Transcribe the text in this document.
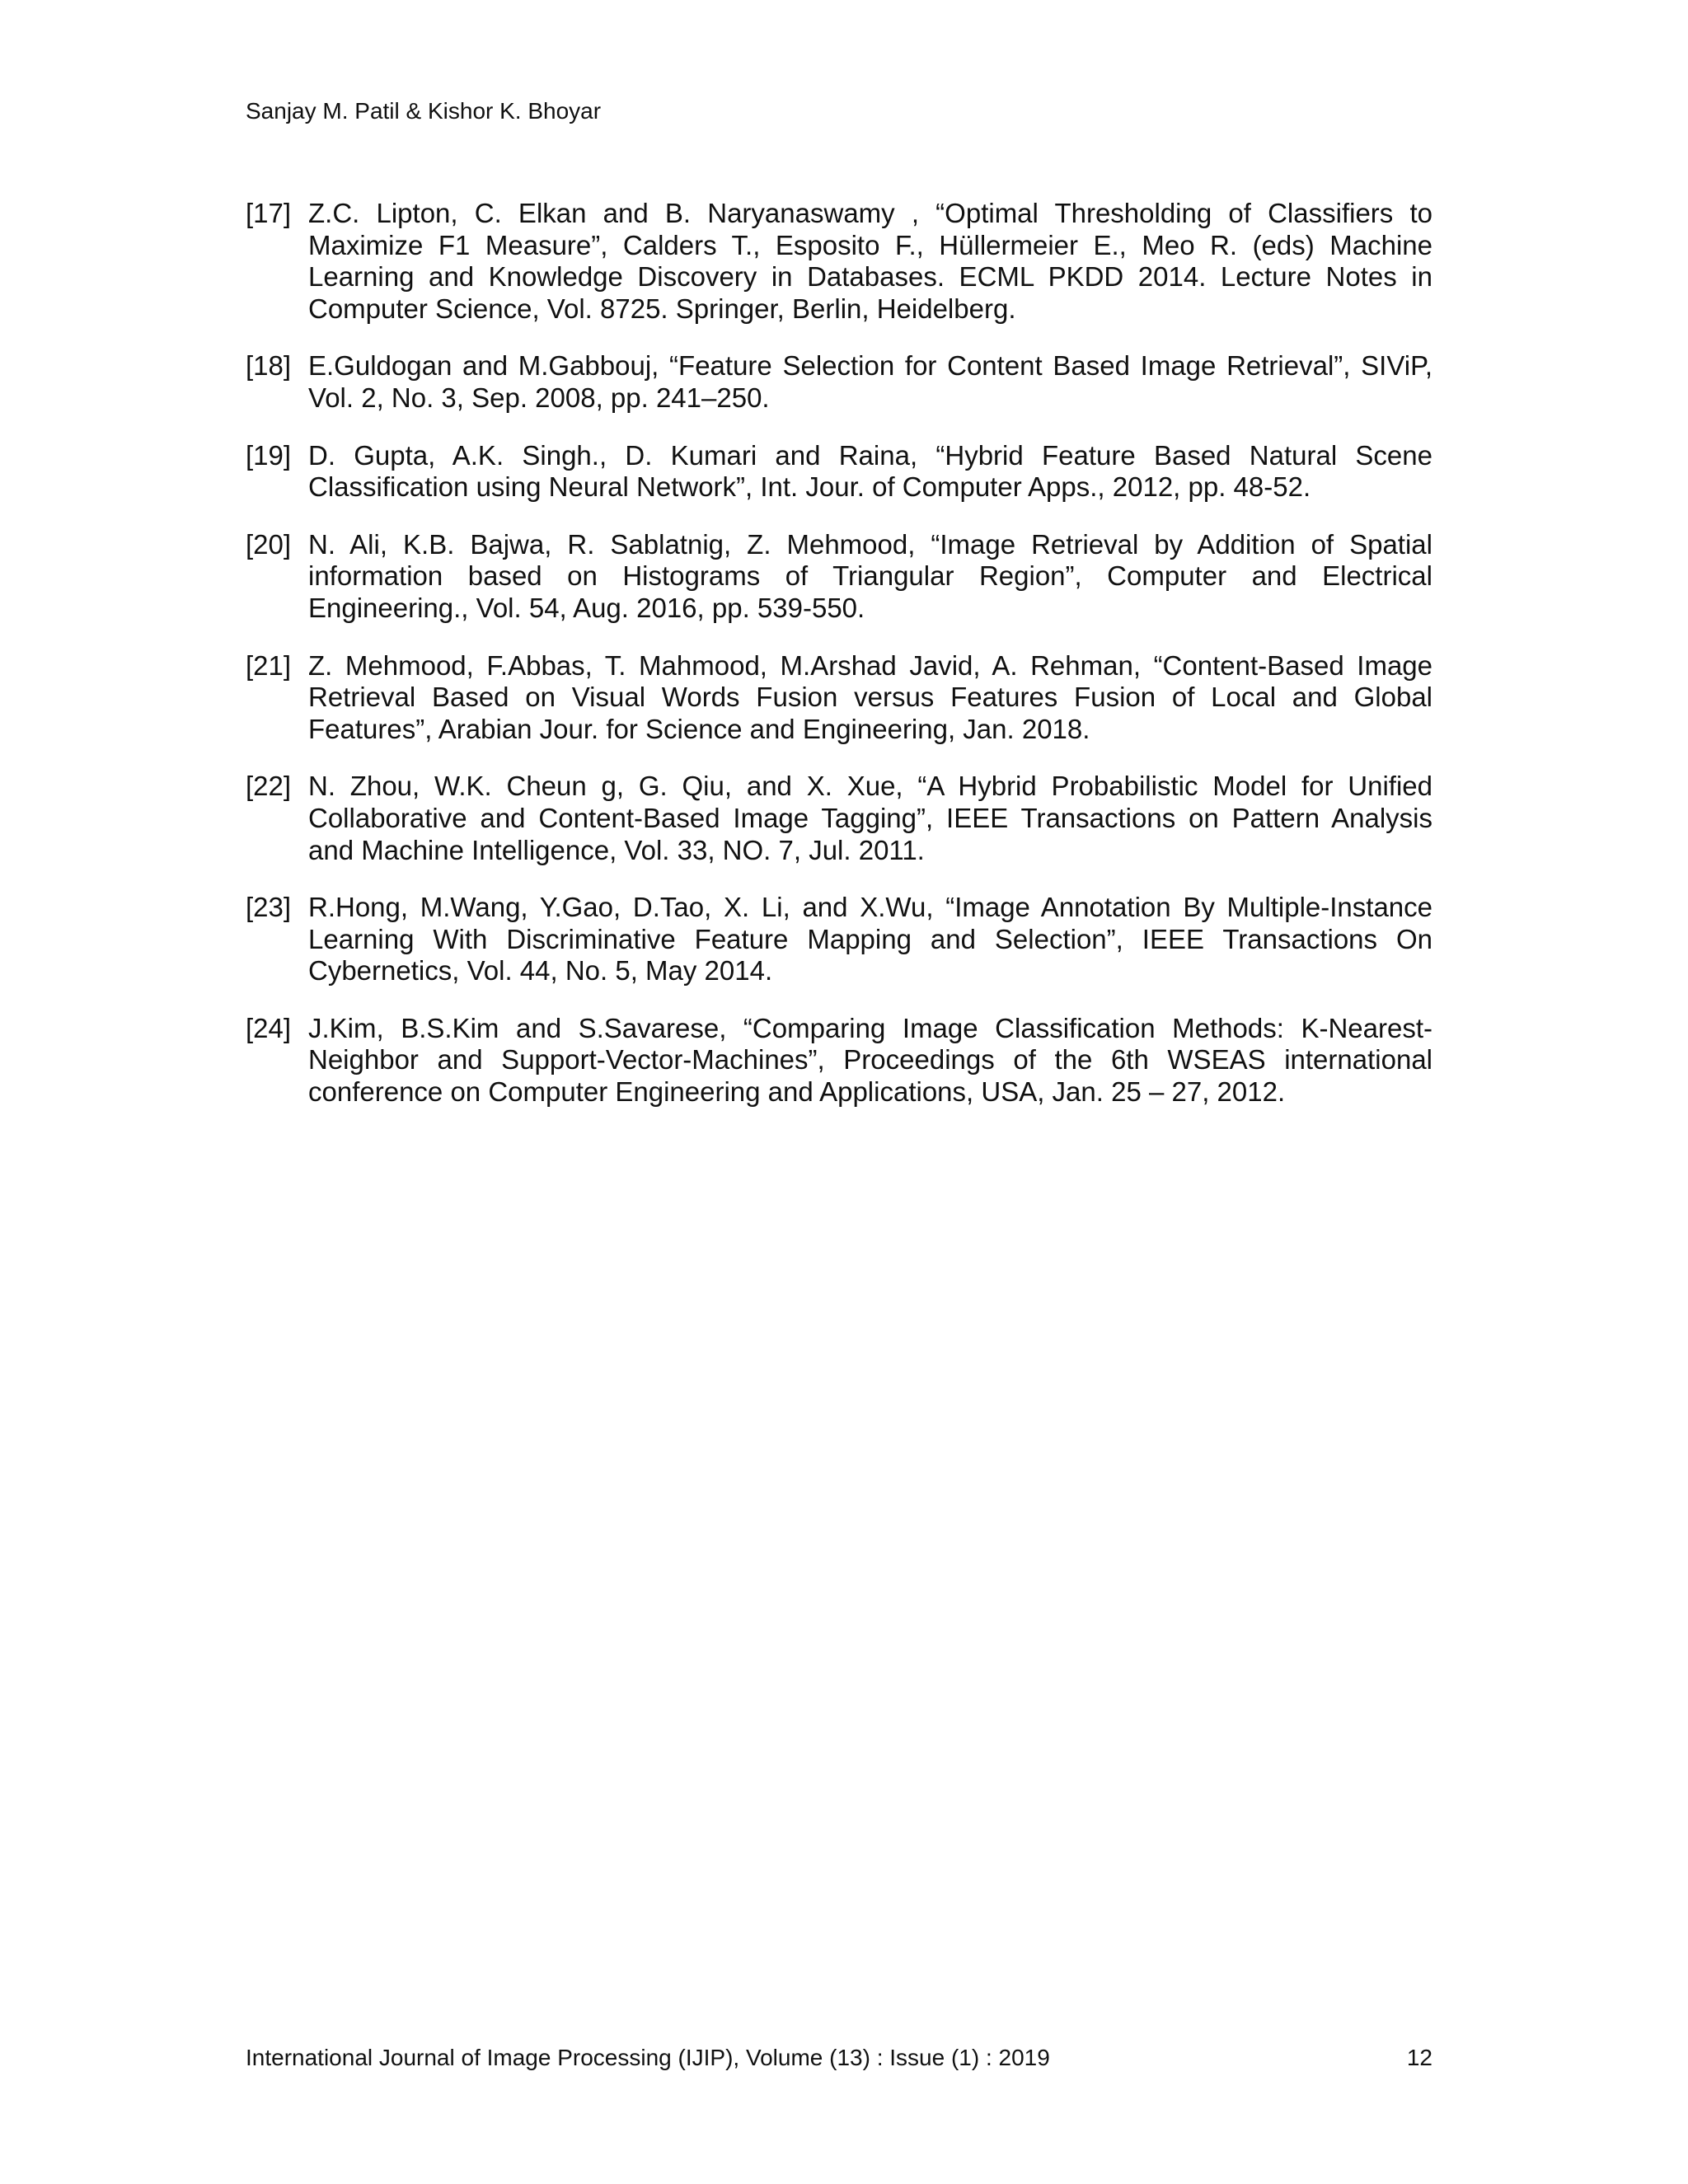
Sanjay M. Patil & Kishor K. Bhoyar
[17] Z.C. Lipton, C. Elkan and B. Naryanaswamy , “Optimal Thresholding of Classifiers to Maximize F1 Measure”, Calders T., Esposito F., Hüllermeier E., Meo R. (eds) Machine Learning and Knowledge Discovery in Databases. ECML PKDD 2014. Lecture Notes in Computer Science, Vol. 8725. Springer, Berlin, Heidelberg.
[18] E.Guldogan and M.Gabbouj, “Feature Selection for Content Based Image Retrieval”, SIViP, Vol. 2, No. 3, Sep. 2008, pp. 241–250.
[19] D. Gupta, A.K. Singh., D. Kumari and Raina, “Hybrid Feature Based Natural Scene Classification using Neural Network”, Int. Jour. of Computer Apps., 2012, pp. 48-52.
[20] N. Ali, K.B. Bajwa, R. Sablatnig, Z. Mehmood, “Image Retrieval by Addition of Spatial information based on Histograms of Triangular Region”, Computer and Electrical Engineering., Vol. 54, Aug. 2016, pp. 539-550.
[21] Z. Mehmood, F.Abbas, T. Mahmood, M.Arshad Javid, A. Rehman, “Content-Based Image Retrieval Based on Visual Words Fusion versus Features Fusion of Local and Global Features”, Arabian Jour. for Science and Engineering, Jan. 2018.
[22] N. Zhou, W.K. Cheun g, G. Qiu, and X. Xue, “A Hybrid Probabilistic Model for Unified Collaborative and Content-Based Image Tagging”, IEEE Transactions on Pattern Analysis and Machine Intelligence, Vol. 33, NO. 7, Jul. 2011.
[23] R.Hong, M.Wang, Y.Gao, D.Tao, X. Li, and X.Wu, “Image Annotation By Multiple-Instance Learning With Discriminative Feature Mapping and Selection”, IEEE Transactions On Cybernetics, Vol. 44, No. 5, May 2014.
[24] J.Kim, B.S.Kim and S.Savarese, “Comparing Image Classification Methods: K-Nearest-Neighbor and Support-Vector-Machines”, Proceedings of the 6th WSEAS international conference on Computer Engineering and Applications, USA, Jan. 25 – 27, 2012.
International Journal of Image Processing (IJIP), Volume (13) : Issue (1) : 2019	12
